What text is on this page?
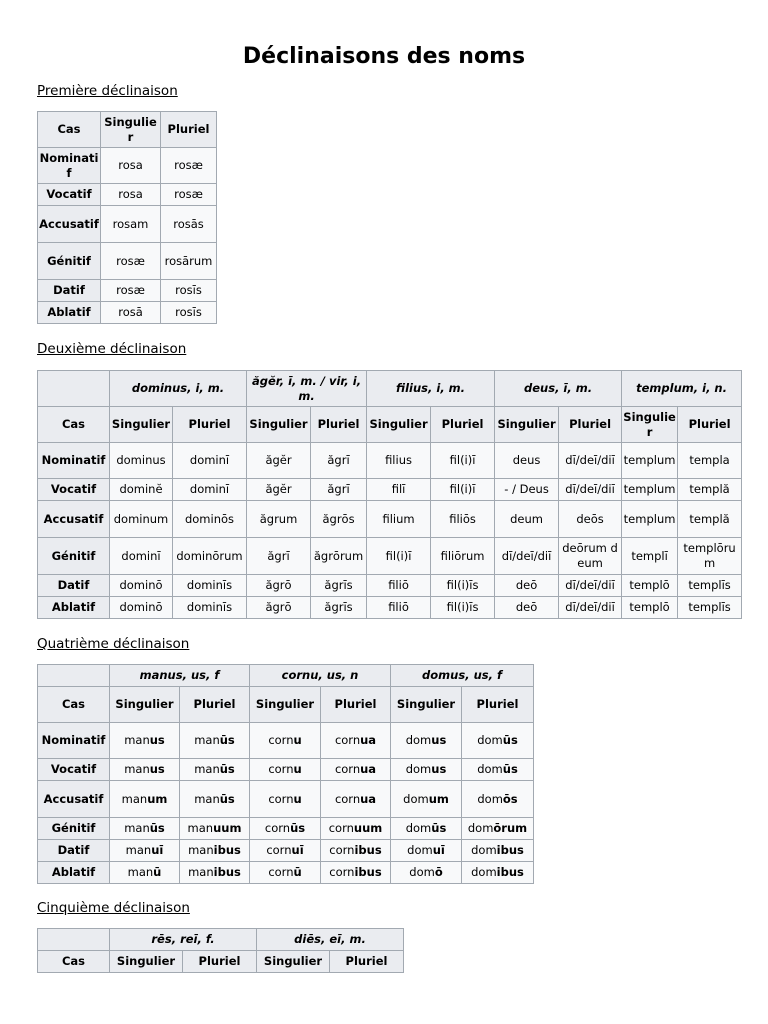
Déclinaisons des noms

Première déclinaison

Cas	Singulier	Pluriel
Nominatif	rosa	rosæ
Vocatif	rosa	rosæ
Accusatif	rosam	rosās
Génitif	rosæ	rosārum
Datif	rosæ	rosīs
Ablatif	rosā	rosīs

Deuxième déclinaison

	dominus, i, m.		ăgĕr, ī, m. / vir, i, m.		filius, i, m.		deus, ī, m.		templum, i, n.	
Cas	Singulier	Pluriel	Singulier	Pluriel	Singulier	Pluriel	Singulier	Pluriel	Singulier	Pluriel
Nominatif	dominus	dominī	ăgĕr	ăgrī	filius	fil(i)ī	deus	dī/deī/diī	templum	templa
Vocatif	dominĕ	dominī	ăgĕr	ăgrī	filī	fil(i)ī	- / Deus	dī/deī/diī	templum	templă
Accusatif	dominum	dominōs	ăgrum	ăgrōs	filium	filiōs	deum	deōs	templum	templă
Génitif	dominī	dominōrum	ăgrī	ăgrōrum	fil(i)ī	filiōrum	dī/deī/diī	deōrum deum	templī	templōrum
Datif	dominō	dominīs	ăgrō	ăgrīs	filiō	fil(i)īs	deō	dī/deī/diī	templō	templīs
Ablatif	dominō	dominīs	ăgrō	ăgrīs	filiō	fil(i)īs	deō	dī/deī/diī	templō	templīs

Quatrième déclinaison

	manus, us, f		cornu, us, n		domus, us, f	
Cas	Singulier	Pluriel	Singulier	Pluriel	Singulier	Pluriel
Nominatif	manus	manūs	cornu	cornua	domus	domūs
Vocatif	manus	manūs	cornu	cornua	domus	domūs
Accusatif	manum	manūs	cornu	cornua	domum	domōs
Génitif	manūs	manuum	cornūs	cornuum	domūs	domōrum
Datif	manuī	manibus	cornuī	cornibus	domuī	domibus
Ablatif	manū	manibus	cornū	cornibus	domō	domibus

Cinquième déclinaison

	rēs, reī, f.		diēs, eī, m.	
Cas	Singulier	Pluriel	Singulier	Pluriel
